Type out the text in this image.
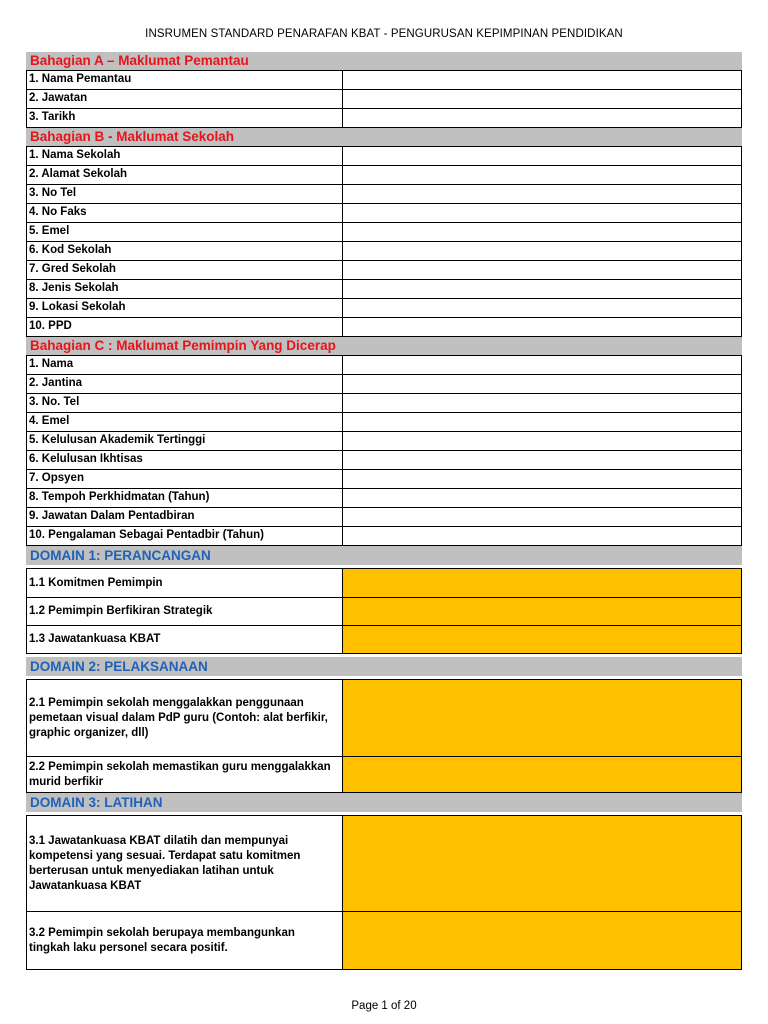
INSRUMEN STANDARD PENARAFAN KBAT - PENGURUSAN KEPIMPINAN PENDIDIKAN
Bahagian A – Maklumat Pemantau
1. Nama Pemantau
2. Jawatan
3. Tarikh
Bahagian B - Maklumat Sekolah
1. Nama Sekolah
2. Alamat Sekolah
3. No Tel
4. No Faks
5. Emel
6. Kod Sekolah
7. Gred Sekolah
8. Jenis Sekolah
9. Lokasi Sekolah
10. PPD
Bahagian C : Maklumat Pemimpin Yang Dicerap
1. Nama
2. Jantina
3. No. Tel
4. Emel
5. Kelulusan Akademik Tertinggi
6. Kelulusan Ikhtisas
7. Opsyen
8. Tempoh Perkhidmatan (Tahun)
9. Jawatan Dalam Pentadbiran
10. Pengalaman Sebagai Pentadbir (Tahun)
DOMAIN 1: PERANCANGAN
1.1 Komitmen Pemimpin
1.2 Pemimpin Berfikiran Strategik
1.3 Jawatankuasa KBAT
DOMAIN 2: PELAKSANAAN
2.1 Pemimpin sekolah menggalakkan penggunaan pemetaan visual dalam PdP guru (Contoh: alat berfikir, graphic organizer, dll)
2.2 Pemimpin sekolah memastikan guru menggalakkan murid berfikir
DOMAIN 3: LATIHAN
3.1 Jawatankuasa KBAT dilatih dan mempunyai kompetensi yang sesuai. Terdapat satu komitmen berterusan untuk menyediakan latihan untuk Jawatankuasa KBAT
3.2 Pemimpin sekolah berupaya membangunkan tingkah laku personel secara positif.
Page 1 of 20
